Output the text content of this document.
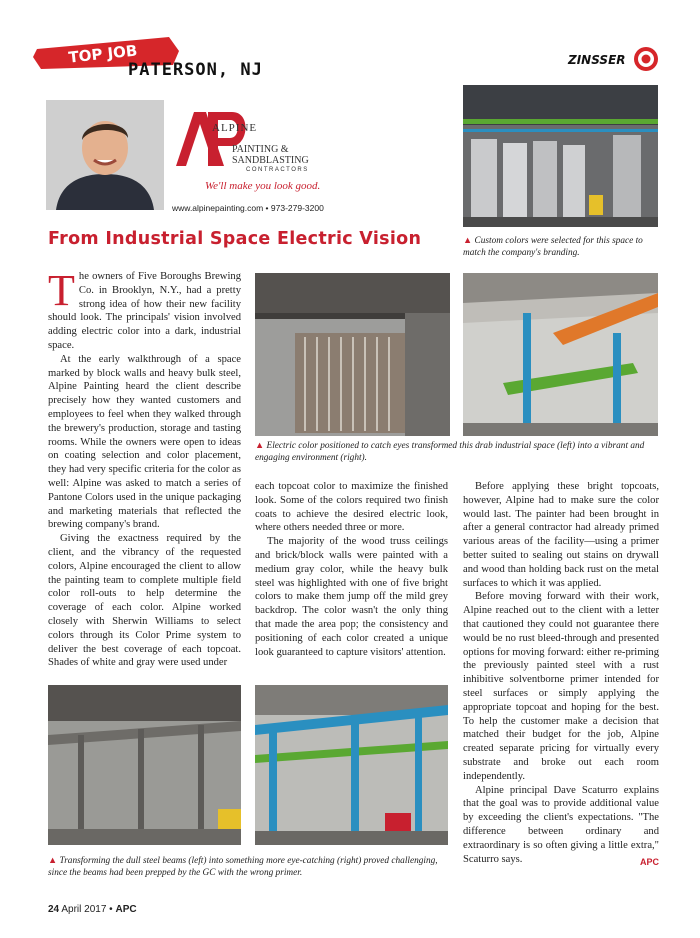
TOP JOB
PATERSON, NJ	ZINSSER
ALPINE
PAINTING & SANDBLASTING
CONTRACTORS
We'll make you look good.
www.alpinepainting.com • 973-279-3200
▲ Custom colors were selected for this space to match the company's branding.
From Industrial Space Electric Vision
▲ Electric color positioned to catch eyes transformed this drab industrial space (left) into a vibrant and engaging environment (right).

The owners of Five Boroughs Brewing Co. in Brooklyn, N.Y., had a pretty strong idea of how their new facility should look. The principals' vision involved adding electric color into a dark, industrial space.

At the early walkthrough of a space marked by block walls and heavy bulk steel, Alpine Painting heard the client describe precisely how they wanted customers and employees to feel when they walked through the brewery's production, storage and tasting rooms. While the owners were open to ideas on coating selection and color placement, they had very specific criteria for the color as well: Alpine was asked to match a series of Pantone Colors used in the unique packaging and marketing materials that reflected the brewing company's brand.

Giving the exactness required by the client, and the vibrancy of the requested colors, Alpine encouraged the client to allow the painting team to complete multiple field color roll-outs to help determine the coverage of each color. Alpine worked closely with Sherwin Williams to select colors through its Color Prime system to deliver the best coverage of each topcoat. Shades of white and gray were used under

each topcoat color to maximize the finished look. Some of the colors required two finish coats to achieve the desired electric look, where others needed three or more.

The majority of the wood truss ceilings and brick/block walls were painted with a medium gray color, while the heavy bulk steel was highlighted with one of five bright colors to make them jump off the mild grey backdrop. The color wasn't the only thing that made the area pop; the consistency and positioning of each color created a unique look guaranteed to capture visitors' attention.

Before applying these bright topcoats, however, Alpine had to make sure the color would last. The painter had been brought in after a general contractor had already primed various areas of the facility—using a primer better suited to sealing out stains on drywall and wood than holding back rust on the metal surfaces to which it was applied.

Before moving forward with their work, Alpine reached out to the client with a letter that cautioned they could not guarantee there would be no rust bleed-through and presented options for moving forward: either re-priming the previously painted steel with a rust inhibitive solventborne primer intended for steel surfaces or simply applying the appropriate topcoat and hoping for the best. To help the customer make a decision that matched their budget for the job, Alpine created separate pricing for virtually every substrate and broke out each room independently.

Alpine principal Dave Scaturro explains that the goal was to provide additional value by exceeding the client's expectations. "The difference between ordinary and extraordinary is so often giving a little extra," Scaturro says.	APC

▲ Transforming the dull steel beams (left) into something more eye-catching (right) proved challenging, since the beams had been prepped by the GC with the wrong primer.
24 April 2017 • APC
